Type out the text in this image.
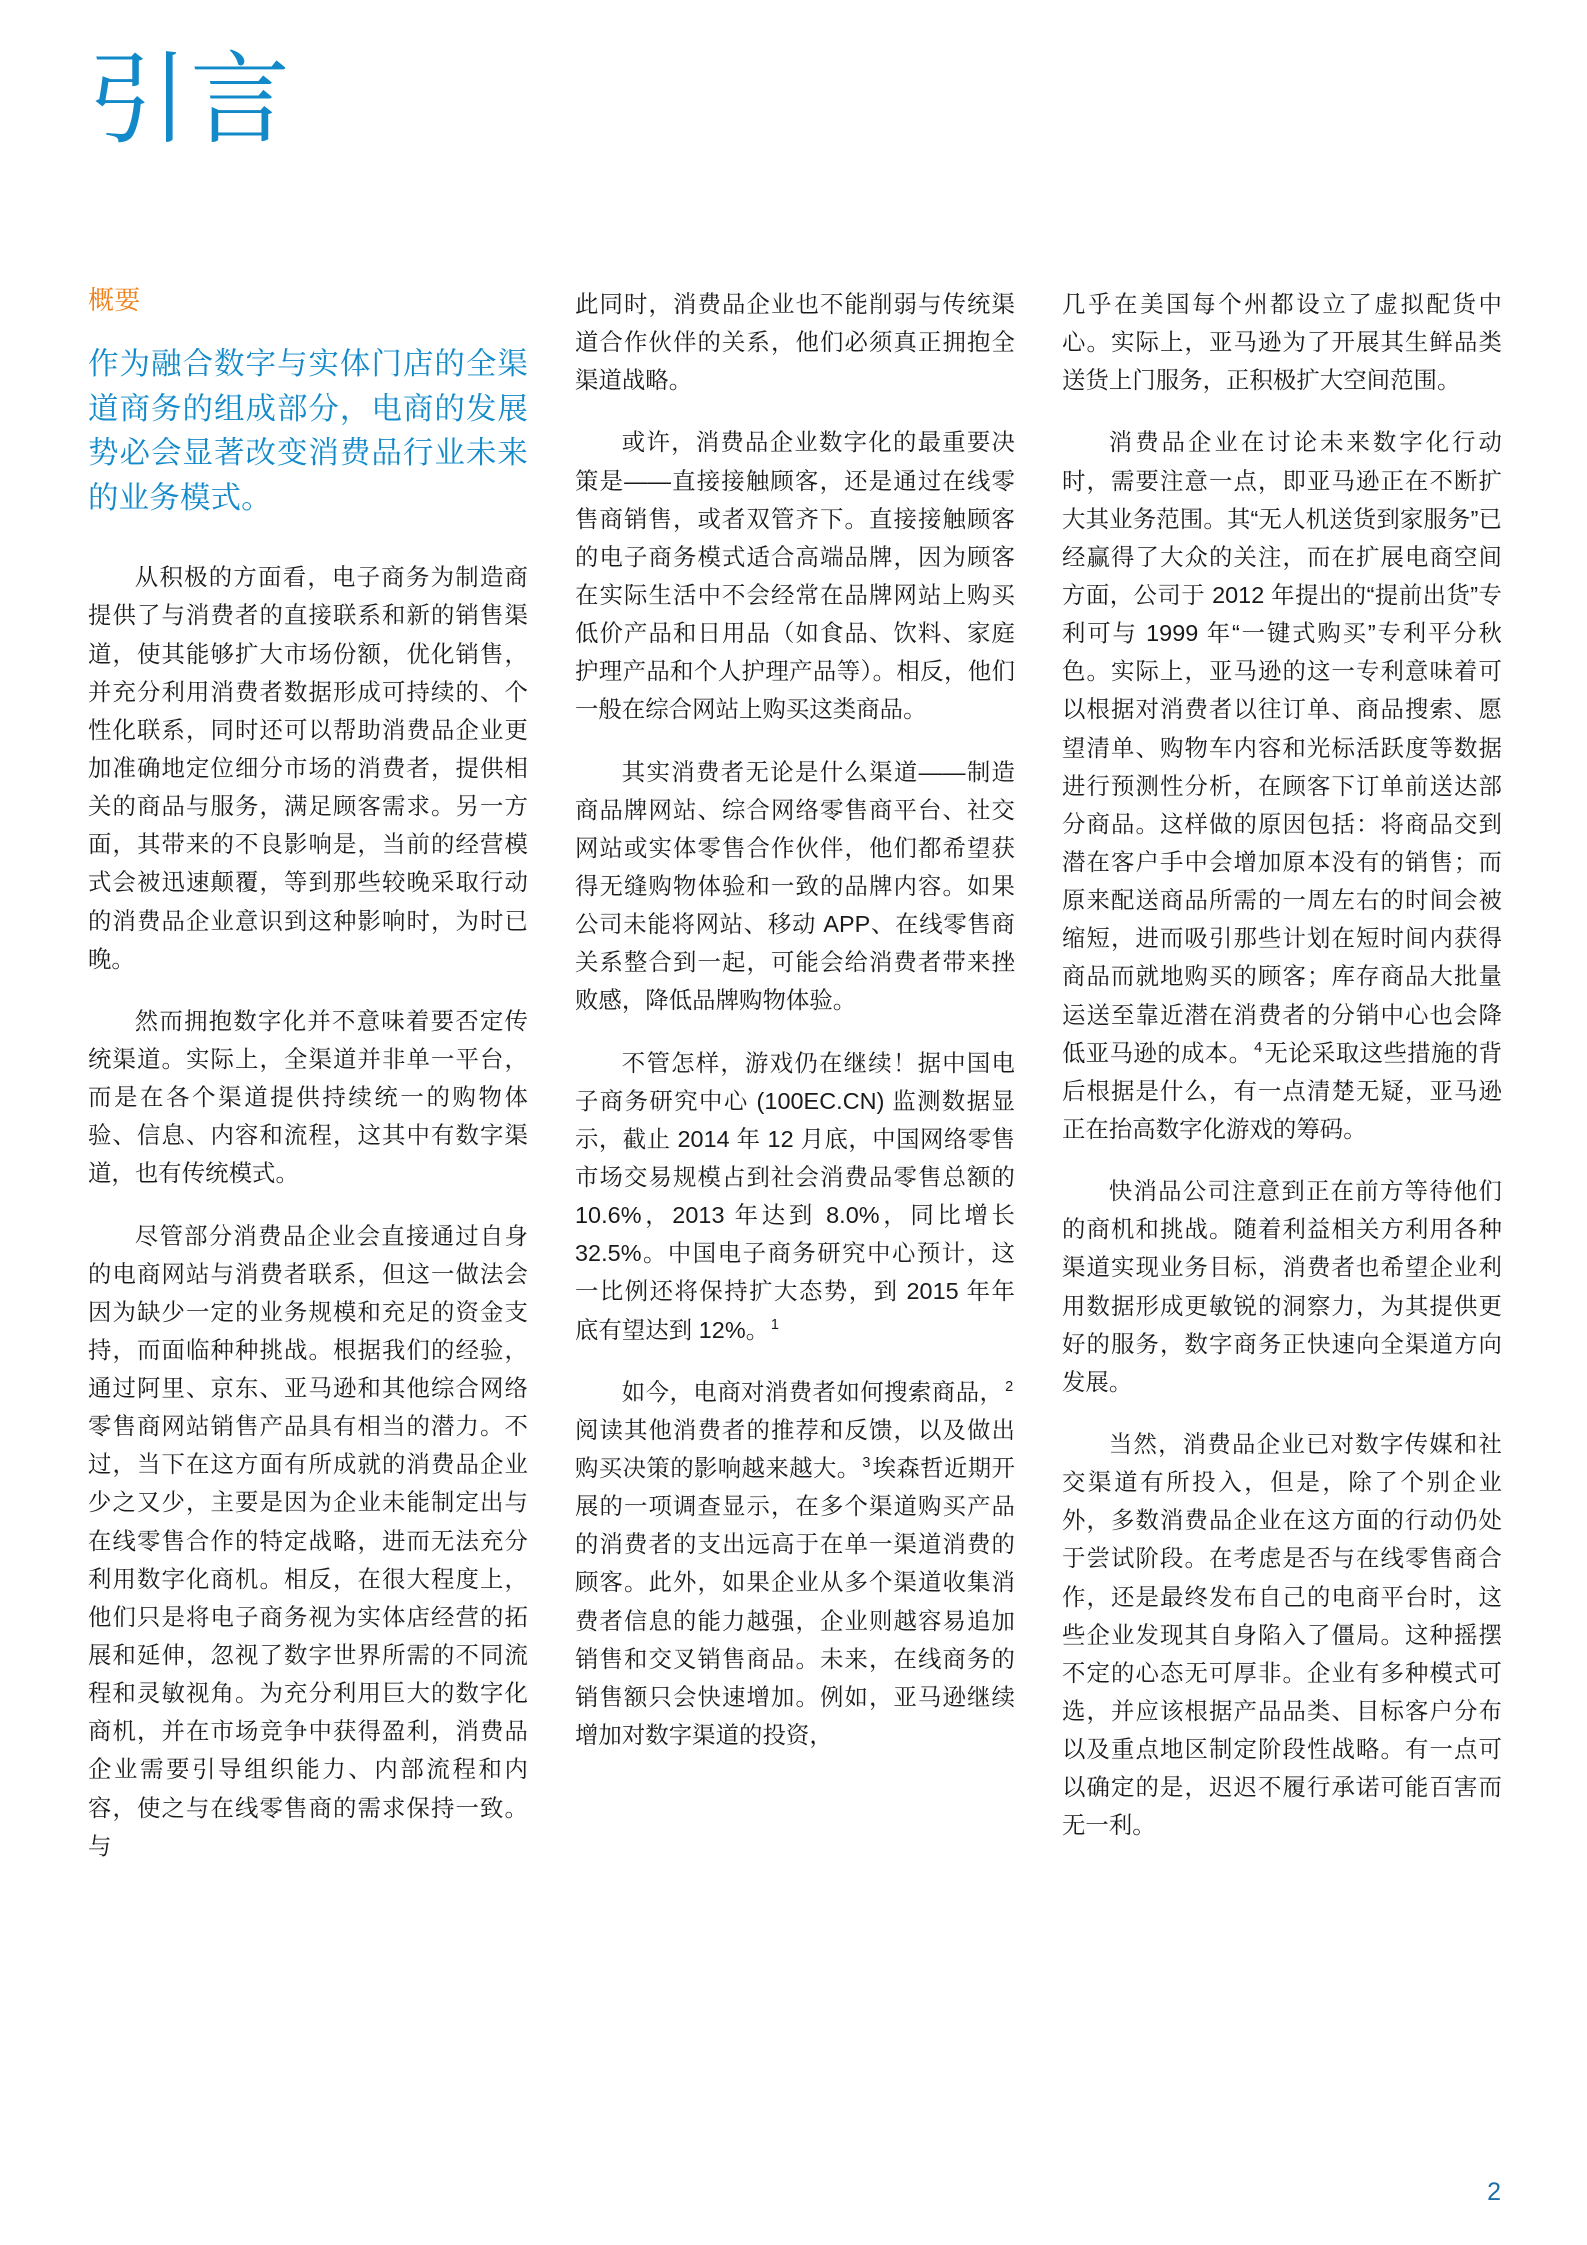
引言
概要
作为融合数字与实体门店的全渠道商务的组成部分，电商的发展势必会显著改变消费品行业未来的业务模式。

从积极的方面看，电子商务为制造商提供了与消费者的直接联系和新的销售渠道，使其能够扩大市场份额，优化销售，并充分利用消费者数据形成可持续的、个性化联系，同时还可以帮助消费品企业更加准确地定位细分市场的消费者，提供相关的商品与服务，满足顾客需求。另一方面，其带来的不良影响是，当前的经营模式会被迅速颠覆，等到那些较晚采取行动的消费品企业意识到这种影响时，为时已晚。

然而拥抱数字化并不意味着要否定传统渠道。实际上，全渠道并非单一平台，而是在各个渠道提供持续统一的购物体验、信息、内容和流程，这其中有数字渠道，也有传统模式。

尽管部分消费品企业会直接通过自身的电商网站与消费者联系，但这一做法会因为缺少一定的业务规模和充足的资金支持，而面临种种挑战。根据我们的经验，通过阿里、京东、亚马逊和其他综合网络零售商网站销售产品具有相当的潜力。不过，当下在这方面有所成就的消费品企业少之又少，主要是因为企业未能制定出与在线零售合作的特定战略，进而无法充分利用数字化商机。相反，在很大程度上，他们只是将电子商务视为实体店经营的拓展和延伸，忽视了数字世界所需的不同流程和灵敏视角。为充分利用巨大的数字化商机，并在市场竞争中获得盈利，消费品企业需要引导组织能力、内部流程和内容，使之与在线零售商的需求保持一致。与

此同时，消费品企业也不能削弱与传统渠道合作伙伴的关系，他们必须真正拥抱全渠道战略。

或许，消费品企业数字化的最重要决策是——直接接触顾客，还是通过在线零售商销售，或者双管齐下。直接接触顾客的电子商务模式适合高端品牌，因为顾客在实际生活中不会经常在品牌网站上购买低价产品和日用品（如食品、饮料、家庭护理产品和个人护理产品等）。相反，他们一般在综合网站上购买这类商品。

其实消费者无论是什么渠道——制造商品牌网站、综合网络零售商平台、社交网站或实体零售合作伙伴，他们都希望获得无缝购物体验和一致的品牌内容。如果公司未能将网站、移动 APP、在线零售商关系整合到一起，可能会给消费者带来挫败感，降低品牌购物体验。

不管怎样，游戏仍在继续！据中国电子商务研究中心 (100EC.CN) 监测数据显示，截止 2014 年 12 月底，中国网络零售市场交易规模占到社会消费品零售总额的 10.6%，2013 年达到 8.0%，同比增长 32.5%。中国电子商务研究中心预计，这一比例还将保持扩大态势，到 2015 年年底有望达到 12%。 $^1$

如今，电商对消费者如何搜索商品， $^2$阅读其他消费者的推荐和反馈，以及做出购买决策的影响越来越大。 $^3$埃森哲近期开展的一项调查显示，在多个渠道购买产品的消费者的支出远高于在单一渠道消费的顾客。此外，如果企业从多个渠道收集消费者信息的能力越强，企业则越容易追加销售和交叉销售商品。未来，在线商务的销售额只会快速增加。例如，亚马逊继续增加对数字渠道的投资，

几乎在美国每个州都设立了虚拟配货中心。实际上，亚马逊为了开展其生鲜品类送货上门服务，正积极扩大空间范围。

消费品企业在讨论未来数字化行动时，需要注意一点，即亚马逊正在不断扩大其业务范围。其“无人机送货到家服务”已经赢得了大众的关注，而在扩展电商空间方面，公司于 2012 年提出的“提前出货”专利可与 1999 年“一键式购买”专利平分秋色。实际上，亚马逊的这一专利意味着可以根据对消费者以往订单、商品搜索、愿望清单、购物车内容和光标活跃度等数据进行预测性分析，在顾客下订单前送达部分商品。这样做的原因包括：将商品交到潜在客户手中会增加原本没有的销售；而原来配送商品所需的一周左右的时间会被缩短，进而吸引那些计划在短时间内获得商品而就地购买的顾客；库存商品大批量运送至靠近潜在消费者的分销中心也会降低亚马逊的成本。 $^4$无论采取这些措施的背后根据是什么，有一点清楚无疑，亚马逊正在抬高数字化游戏的筹码。

快消品公司注意到正在前方等待他们的商机和挑战。随着利益相关方利用各种渠道实现业务目标，消费者也希望企业利用数据形成更敏锐的洞察力，为其提供更好的服务，数字商务正快速向全渠道方向发展。

当然，消费品企业已对数字传媒和社交渠道有所投入，但是，除了个别企业外，多数消费品企业在这方面的行动仍处于尝试阶段。在考虑是否与在线零售商合作，还是最终发布自己的电商平台时，这些企业发现其自身陷入了僵局。这种摇摆不定的心态无可厚非。企业有多种模式可选，并应该根据产品品类、目标客户分布以及重点地区制定阶段性战略。有一点可以确定的是，迟迟不履行承诺可能百害而无一利。

2
